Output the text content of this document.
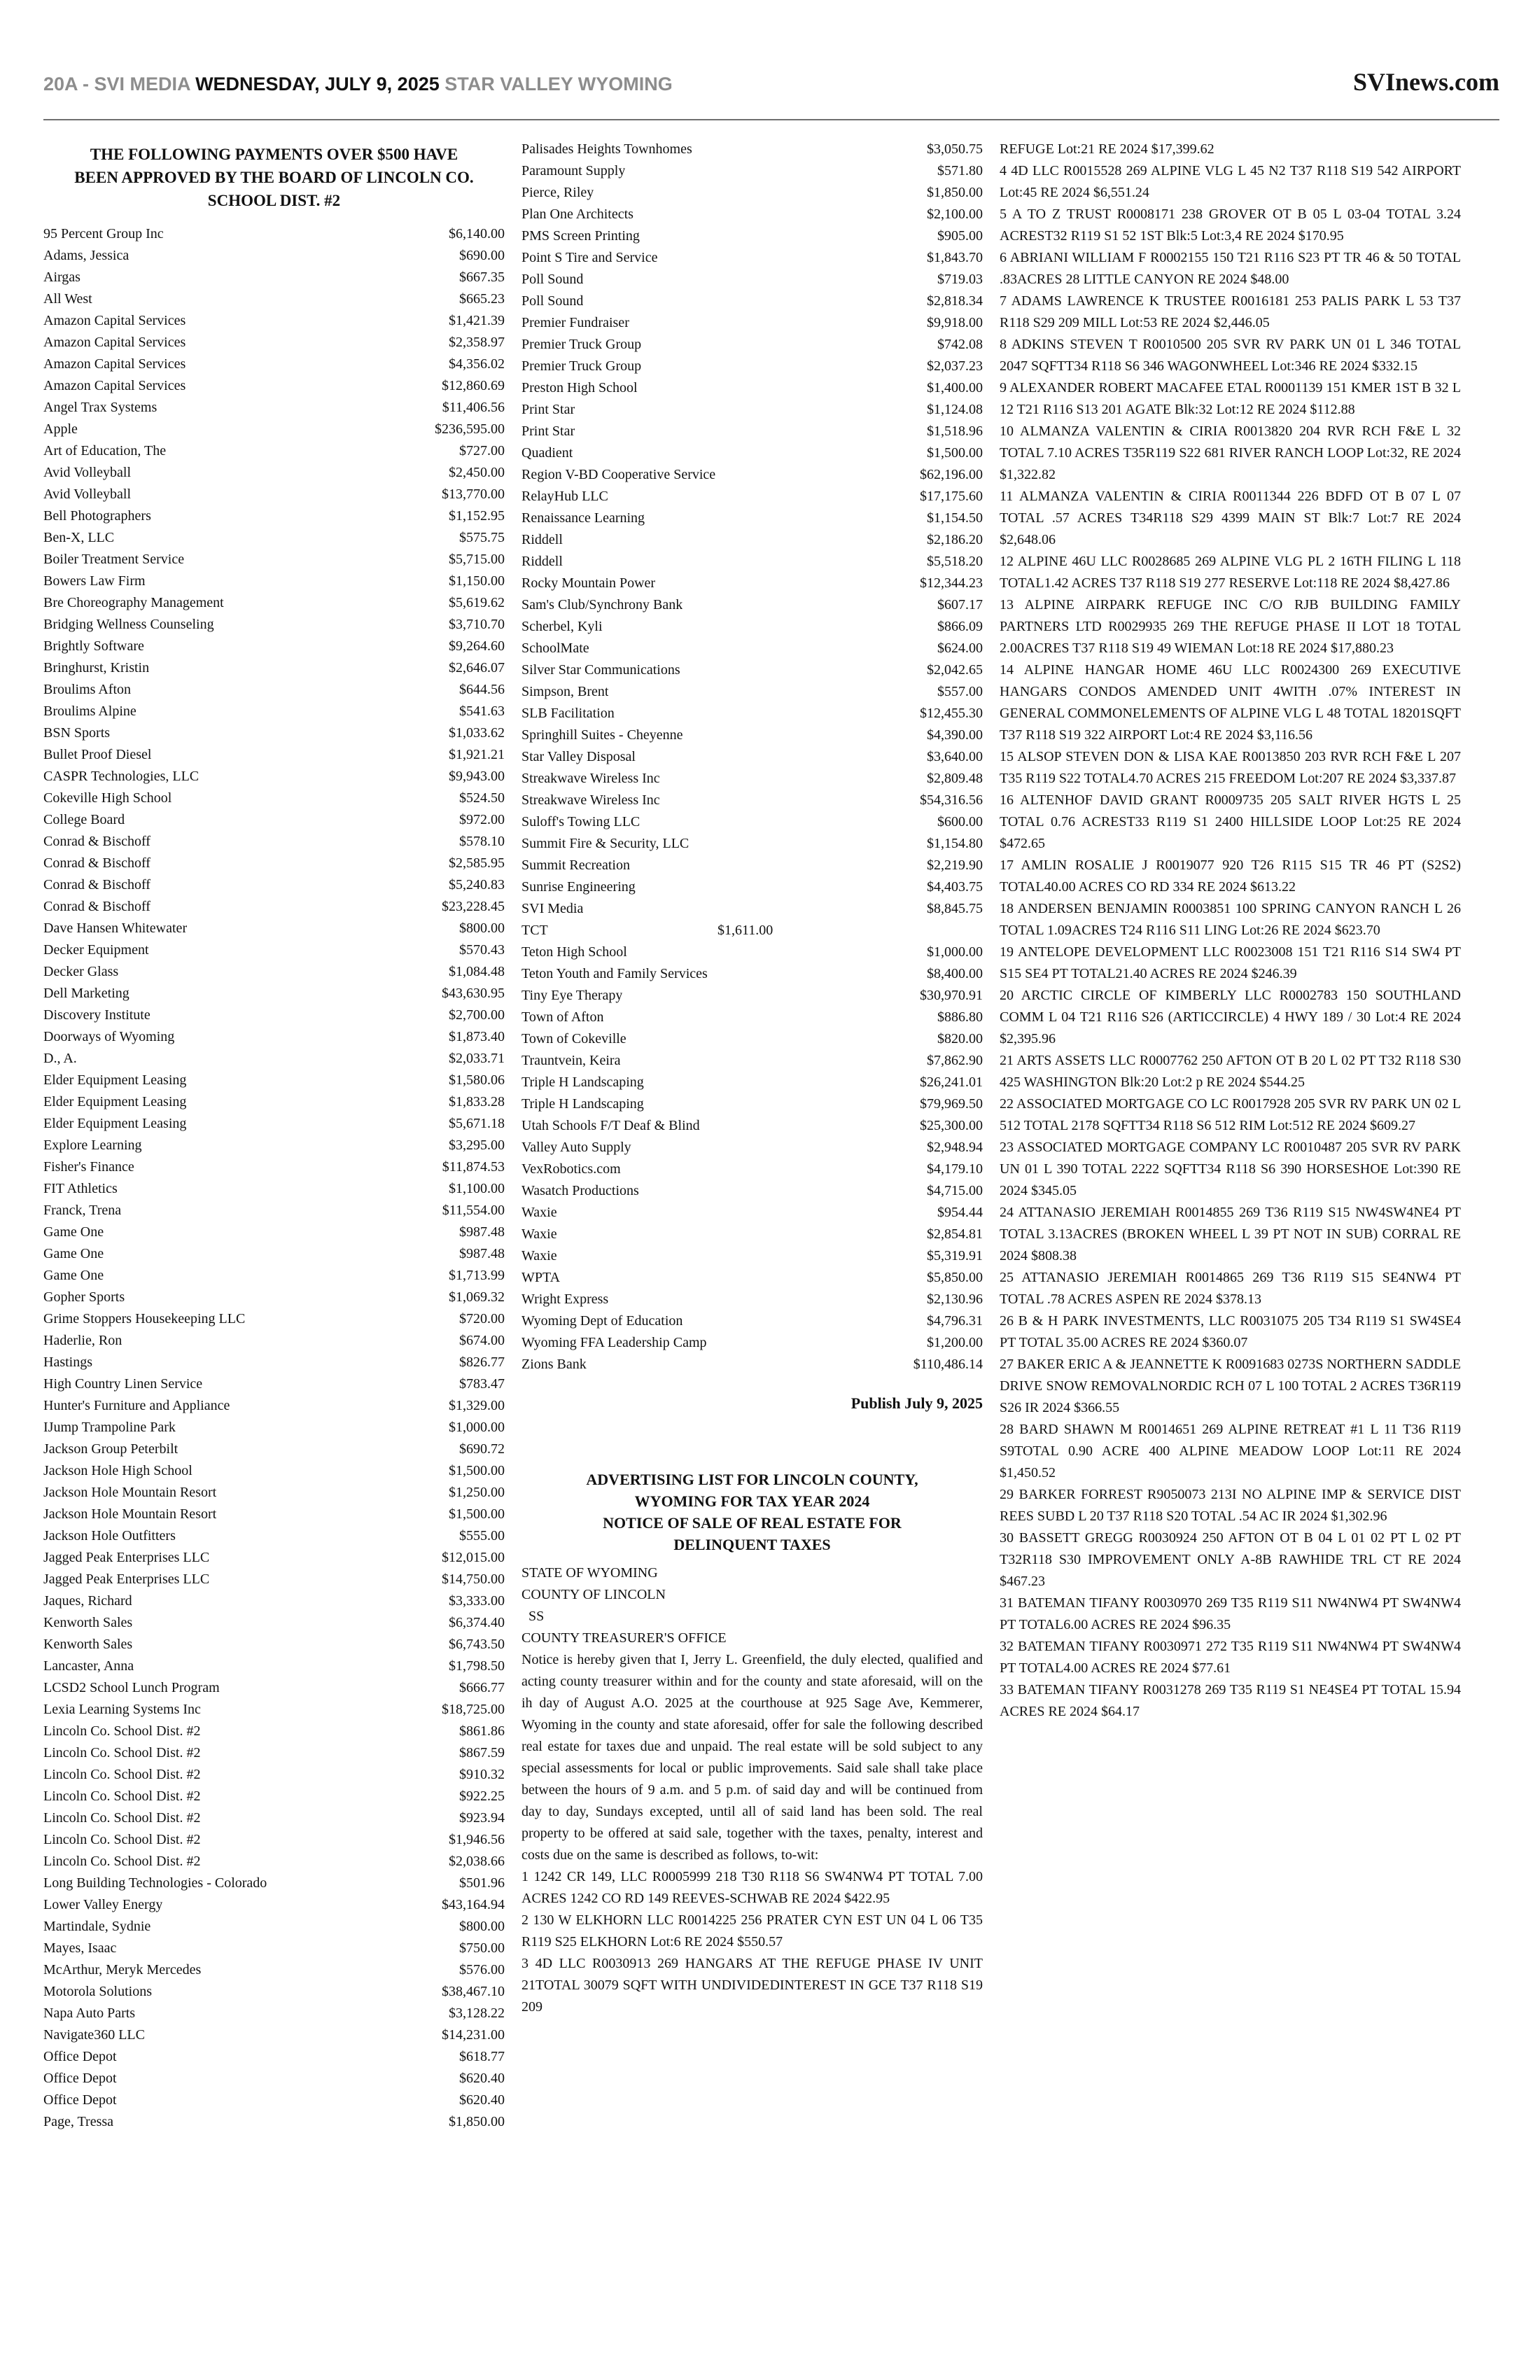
20A - SVI MEDIA WEDNESDAY, JULY 9, 2025 STAR VALLEY WYOMING	SVInews.com
THE FOLLOWING PAYMENTS OVER $500 HAVE
BEEN APPROVED BY THE BOARD OF LINCOLN CO.
SCHOOL DIST. #2
95 Percent Group Inc	$6,140.00
Adams, Jessica	$690.00
Airgas	$667.35
All West	$665.23
Amazon Capital Services	$1,421.39
Amazon Capital Services	$2,358.97
Amazon Capital Services	$4,356.02
Amazon Capital Services	$12,860.69
Angel Trax Systems	$11,406.56
Apple	$236,595.00
Art of Education, The	$727.00
Avid Volleyball	$2,450.00
Avid Volleyball	$13,770.00
Bell Photographers	$1,152.95
Ben-X, LLC	$575.75
Boiler Treatment Service	$5,715.00
Bowers Law Firm	$1,150.00
Bre Choreography Management	$5,619.62
Bridging Wellness Counseling	$3,710.70
Brightly Software	$9,264.60
Bringhurst, Kristin	$2,646.07
Broulims Afton	$644.56
Broulims Alpine	$541.63
BSN Sports	$1,033.62
Bullet Proof Diesel	$1,921.21
CASPR Technologies, LLC	$9,943.00
Cokeville High School	$524.50
College Board	$972.00
Conrad & Bischoff	$578.10
Conrad & Bischoff	$2,585.95
Conrad & Bischoff	$5,240.83
Conrad & Bischoff	$23,228.45
Dave Hansen Whitewater	$800.00
Decker Equipment	$570.43
Decker Glass	$1,084.48
Dell Marketing	$43,630.95
Discovery Institute	$2,700.00
Doorways of Wyoming	$1,873.40
D., A.	$2,033.71
Elder Equipment Leasing	$1,580.06
Elder Equipment Leasing	$1,833.28
Elder Equipment Leasing	$5,671.18
Explore Learning	$3,295.00
Fisher's Finance	$11,874.53
FIT Athletics	$1,100.00
Franck, Trena	$11,554.00
Game One	$987.48
Game One	$987.48
Game One	$1,713.99
Gopher Sports	$1,069.32
Grime Stoppers Housekeeping LLC	$720.00
Haderlie, Ron	$674.00
Hastings	$826.77
High Country Linen Service	$783.47
Hunter's Furniture and Appliance	$1,329.00
IJump Trampoline Park	$1,000.00
Jackson Group Peterbilt	$690.72
Jackson Hole High School	$1,500.00
Jackson Hole Mountain Resort	$1,250.00
Jackson Hole Mountain Resort	$1,500.00
Jackson Hole Outfitters	$555.00
Jagged Peak Enterprises LLC	$12,015.00
Jagged Peak Enterprises LLC	$14,750.00
Jaques, Richard	$3,333.00
Kenworth Sales	$6,374.40
Kenworth Sales	$6,743.50
Lancaster, Anna	$1,798.50
LCSD2 School Lunch Program	$666.77
Lexia Learning Systems Inc	$18,725.00
Lincoln Co. School Dist. #2	$861.86
Lincoln Co. School Dist. #2	$867.59
Lincoln Co. School Dist. #2	$910.32
Lincoln Co. School Dist. #2	$922.25
Lincoln Co. School Dist. #2	$923.94
Lincoln Co. School Dist. #2	$1,946.56
Lincoln Co. School Dist. #2	$2,038.66
Long Building Technologies - Colorado	$501.96
Lower Valley Energy	$43,164.94
Martindale, Sydnie	$800.00
Mayes, Isaac	$750.00
McArthur, Meryk Mercedes	$576.00
Motorola Solutions	$38,467.10
Napa Auto Parts	$3,128.22
Navigate360 LLC	$14,231.00
Office Depot	$618.77
Office Depot	$620.40
Office Depot	$620.40
Page, Tressa	$1,850.00
Palisades Heights Townhomes	$3,050.75
Paramount Supply	$571.80
Pierce, Riley	$1,850.00
Plan One Architects	$2,100.00
PMS Screen Printing	$905.00
Point S Tire and Service	$1,843.70
Poll Sound	$719.03
Poll Sound	$2,818.34
Premier Fundraiser	$9,918.00
Premier Truck Group	$742.08
Premier Truck Group	$2,037.23
Preston High School	$1,400.00
Print Star	$1,124.08
Print Star	$1,518.96
Quadient	$1,500.00
Region V-BD Cooperative Service	$62,196.00
RelayHub LLC	$17,175.60
Renaissance Learning	$1,154.50
Riddell	$2,186.20
Riddell	$5,518.20
Rocky Mountain Power	$12,344.23
Sam's Club/Synchrony Bank	$607.17
Scherbel, Kyli	$866.09
SchoolMate	$624.00
Silver Star Communications	$2,042.65
Simpson, Brent	$557.00
SLB Facilitation	$12,455.30
Springhill Suites - Cheyenne	$4,390.00
Star Valley Disposal	$3,640.00
Streakwave Wireless Inc	$2,809.48
Streakwave Wireless Inc	$54,316.56
Suloff's Towing LLC	$600.00
Summit Fire & Security, LLC	$1,154.80
Summit Recreation	$2,219.90
Sunrise Engineering	$4,403.75
SVI Media	$8,845.75
TCT	$1,611.00
Teton High School	$1,000.00
Teton Youth and Family Services	$8,400.00
Tiny Eye Therapy	$30,970.91
Town of Afton	$886.80
Town of Cokeville	$820.00
Trauntvein, Keira	$7,862.90
Triple H Landscaping	$26,241.01
Triple H Landscaping	$79,969.50
Utah Schools F/T Deaf & Blind	$25,300.00
Valley Auto Supply	$2,948.94
VexRobotics.com	$4,179.10
Wasatch Productions	$4,715.00
Waxie	$954.44
Waxie	$2,854.81
Waxie	$5,319.91
WPTA	$5,850.00
Wright Express	$2,130.96
Wyoming Dept of Education	$4,796.31
Wyoming FFA Leadership Camp	$1,200.00
Zions Bank	$110,486.14
Publish July 9, 2025
ADVERTISING LIST FOR LINCOLN COUNTY,
WYOMING FOR TAX YEAR 2024
NOTICE OF SALE OF REAL ESTATE FOR
DELINQUENT TAXES
STATE OF WYOMING
COUNTY OF LINCOLN
SS
COUNTY TREASURER'S OFFICE
Notice is hereby given that I, Jerry L. Greenfield, the duly elected, qualified and acting county treasurer within and for the county and state aforesaid, will on the ih day of August A.O. 2025 at the courthouse at 925 Sage Ave, Kemmerer, Wyoming in the county and state aforesaid, offer for sale the following described real estate for taxes due and unpaid. The real estate will be sold subject to any special assessments for local or public improvements. Said sale shall take place between the hours of 9 a.m. and 5 p.m. of said day and will be continued from day to day, Sundays excepted, until all of said land has been sold. The real property to be offered at said sale, together with the taxes, penalty, interest and costs due on the same is described as follows, to-wit:
1 1242 CR 149, LLC R0005999 218 T30 R118 S6 SW4NW4 PT TOTAL 7.00 ACRES 1242 CO RD 149 REEVES-SCHWAB RE 2024 $422.95
2 130 W ELKHORN LLC R0014225 256 PRATER CYN EST UN 04 L 06 T35 R119 S25 ELKHORN Lot:6 RE 2024 $550.57
3 4D LLC R0030913 269 HANGARS AT THE REFUGE PHASE IV UNIT 21TOTAL 30079 SQFT WITH UNDIVIDEDINTEREST IN GCE T37 R118 S19 209
REFUGE Lot:21 RE 2024 $17,399.62
4 4D LLC R0015528 269 ALPINE VLG L 45 N2 T37 R118 S19 542 AIRPORT Lot:45 RE 2024 $6,551.24
5 A TO Z TRUST R0008171 238 GROVER OT B 05 L 03-04 TOTAL 3.24 ACREST32 R119 S1 52 1ST Blk:5 Lot:3,4 RE 2024 $170.95
6 ABRIANI WILLIAM F R0002155 150 T21 R116 S23 PT TR 46 & 50 TOTAL .83ACRES 28 LITTLE CANYON RE 2024 $48.00
7 ADAMS LAWRENCE K TRUSTEE R0016181 253 PALIS PARK L 53 T37 R118 S29 209 MILL Lot:53 RE 2024 $2,446.05
8 ADKINS STEVEN T R0010500 205 SVR RV PARK UN 01 L 346 TOTAL 2047 SQFTT34 R118 S6 346 WAGONWHEEL Lot:346 RE 2024 $332.15
9 ALEXANDER ROBERT MACAFEE ETAL R0001139 151 KMER 1ST B 32 L 12 T21 R116 S13 201 AGATE Blk:32 Lot:12 RE 2024 $112.88
10 ALMANZA VALENTIN & CIRIA R0013820 204 RVR RCH F&E L 32 TOTAL 7.10 ACRES T35R119 S22 681 RIVER RANCH LOOP Lot:32, RE 2024 $1,322.82
11 ALMANZA VALENTIN & CIRIA R0011344 226 BDFD OT B 07 L 07 TOTAL .57 ACRES T34R118 S29 4399 MAIN ST Blk:7 Lot:7 RE 2024 $2,648.06
12 ALPINE 46U LLC R0028685 269 ALPINE VLG PL 2 16TH FILING L 118 TOTAL1.42 ACRES T37 R118 S19 277 RESERVE Lot:118 RE 2024 $8,427.86
13 ALPINE AIRPARK REFUGE INC C/O RJB BUILDING FAMILY PARTNERS LTD R0029935 269 THE REFUGE PHASE II LOT 18 TOTAL 2.00ACRES T37 R118 S19 49 WIEMAN Lot:18 RE 2024 $17,880.23
14 ALPINE HANGAR HOME 46U LLC R0024300 269 EXECUTIVE HANGARS CONDOS AMENDED UNIT 4WITH .07% INTEREST IN GENERAL COMMONELEMENTS OF ALPINE VLG L 48 TOTAL 18201SQFT T37 R118 S19 322 AIRPORT Lot:4 RE 2024 $3,116.56
15 ALSOP STEVEN DON & LISA KAE R0013850 203 RVR RCH F&E L 207 T35 R119 S22 TOTAL4.70 ACRES 215 FREEDOM Lot:207 RE 2024 $3,337.87
16 ALTENHOF DAVID GRANT R0009735 205 SALT RIVER HGTS L 25 TOTAL 0.76 ACREST33 R119 S1 2400 HILLSIDE LOOP Lot:25 RE 2024 $472.65
17 AMLIN ROSALIE J R0019077 920 T26 R115 S15 TR 46 PT (S2S2) TOTAL40.00 ACRES CO RD 334 RE 2024 $613.22
18 ANDERSEN BENJAMIN R0003851 100 SPRING CANYON RANCH L 26 TOTAL 1.09ACRES T24 R116 S11 LING Lot:26 RE 2024 $623.70
19 ANTELOPE DEVELOPMENT LLC R0023008 151 T21 R116 S14 SW4 PT S15 SE4 PT TOTAL21.40 ACRES RE 2024 $246.39
20 ARCTIC CIRCLE OF KIMBERLY LLC R0002783 150 SOUTHLAND COMM L 04 T21 R116 S26 (ARTICCIRCLE) 4 HWY 189 / 30 Lot:4 RE 2024 $2,395.96
21 ARTS ASSETS LLC R0007762 250 AFTON OT B 20 L 02 PT T32 R118 S30 425 WASHINGTON Blk:20 Lot:2 p RE 2024 $544.25
22 ASSOCIATED MORTGAGE CO LC R0017928 205 SVR RV PARK UN 02 L 512 TOTAL 2178 SQFTT34 R118 S6 512 RIM Lot:512 RE 2024 $609.27
23 ASSOCIATED MORTGAGE COMPANY LC R0010487 205 SVR RV PARK UN 01 L 390 TOTAL 2222 SQFTT34 R118 S6 390 HORSESHOE Lot:390 RE 2024 $345.05
24 ATTANASIO JEREMIAH R0014855 269 T36 R119 S15 NW4SW4NE4 PT TOTAL 3.13ACRES (BROKEN WHEEL L 39 PT NOT IN SUB) CORRAL RE 2024 $808.38
25 ATTANASIO JEREMIAH R0014865 269 T36 R119 S15 SE4NW4 PT TOTAL .78 ACRES ASPEN RE 2024 $378.13
26 B & H PARK INVESTMENTS, LLC R0031075 205 T34 R119 S1 SW4SE4 PT TOTAL 35.00 ACRES RE 2024 $360.07
27 BAKER ERIC A & JEANNETTE K R0091683 0273S NORTHERN SADDLE DRIVE SNOW REMOVALNORDIC RCH 07 L 100 TOTAL 2 ACRES T36R119 S26 IR 2024 $366.55
28 BARD SHAWN M R0014651 269 ALPINE RETREAT #1 L 11 T36 R119 S9TOTAL 0.90 ACRE 400 ALPINE MEADOW LOOP Lot:11 RE 2024 $1,450.52
29 BARKER FORREST R9050073 213I NO ALPINE IMP & SERVICE DIST REES SUBD L 20 T37 R118 S20 TOTAL .54 AC IR 2024 $1,302.96
30 BASSETT GREGG R0030924 250 AFTON OT B 04 L 01 02 PT L 02 PT T32R118 S30 IMPROVEMENT ONLY A-8B RAWHIDE TRL CT RE 2024 $467.23
31 BATEMAN TIFANY R0030970 269 T35 R119 S11 NW4NW4 PT SW4NW4 PT TOTAL6.00 ACRES RE 2024 $96.35
32 BATEMAN TIFANY R0030971 272 T35 R119 S11 NW4NW4 PT SW4NW4 PT TOTAL4.00 ACRES RE 2024 $77.61
33 BATEMAN TIFANY R0031278 269 T35 R119 S1 NE4SE4 PT TOTAL 15.94 ACRES RE 2024 $64.17
